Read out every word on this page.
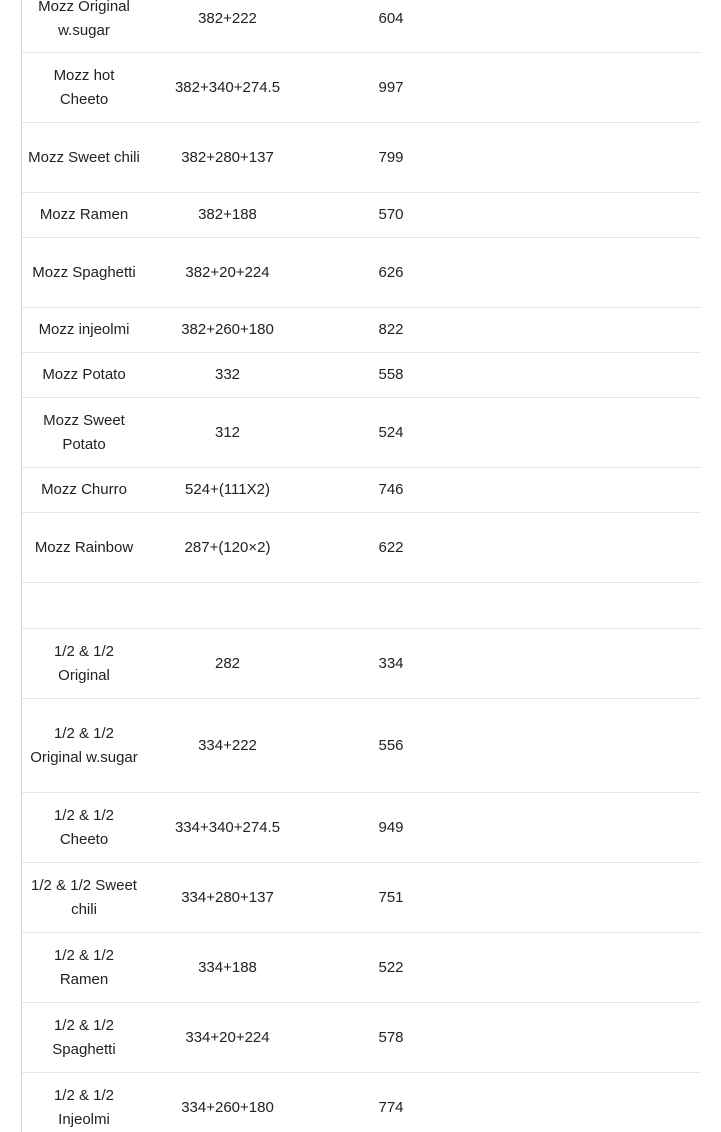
Mozz Original w.sugar	382+222	604	
Mozz hot Cheeto	382+340+274.5	997	
Mozz Sweet chili	382+280+137	799	
Mozz Ramen	382+188	570	
Mozz Spaghetti	382+20+224	626	
Mozz injeolmi	382+260+180	822	
Mozz Potato	332	558	
Mozz Sweet Potato	312	524	
Mozz Churro	524+(111X2)	746	
Mozz Rainbow	287+(120×2)	622	

1/2 & 1/2 Original	282	334	
1/2 & 1/2 Original w.sugar	334+222	556	
1/2 & 1/2 Cheeto	334+340+274.5	949	
1/2 & 1/2 Sweet chili	334+280+137	751	
1/2 & 1/2 Ramen	334+188	522	
1/2 & 1/2 Spaghetti	334+20+224	578	
1/2 & 1/2 Injeolmi	334+260+180	774	
